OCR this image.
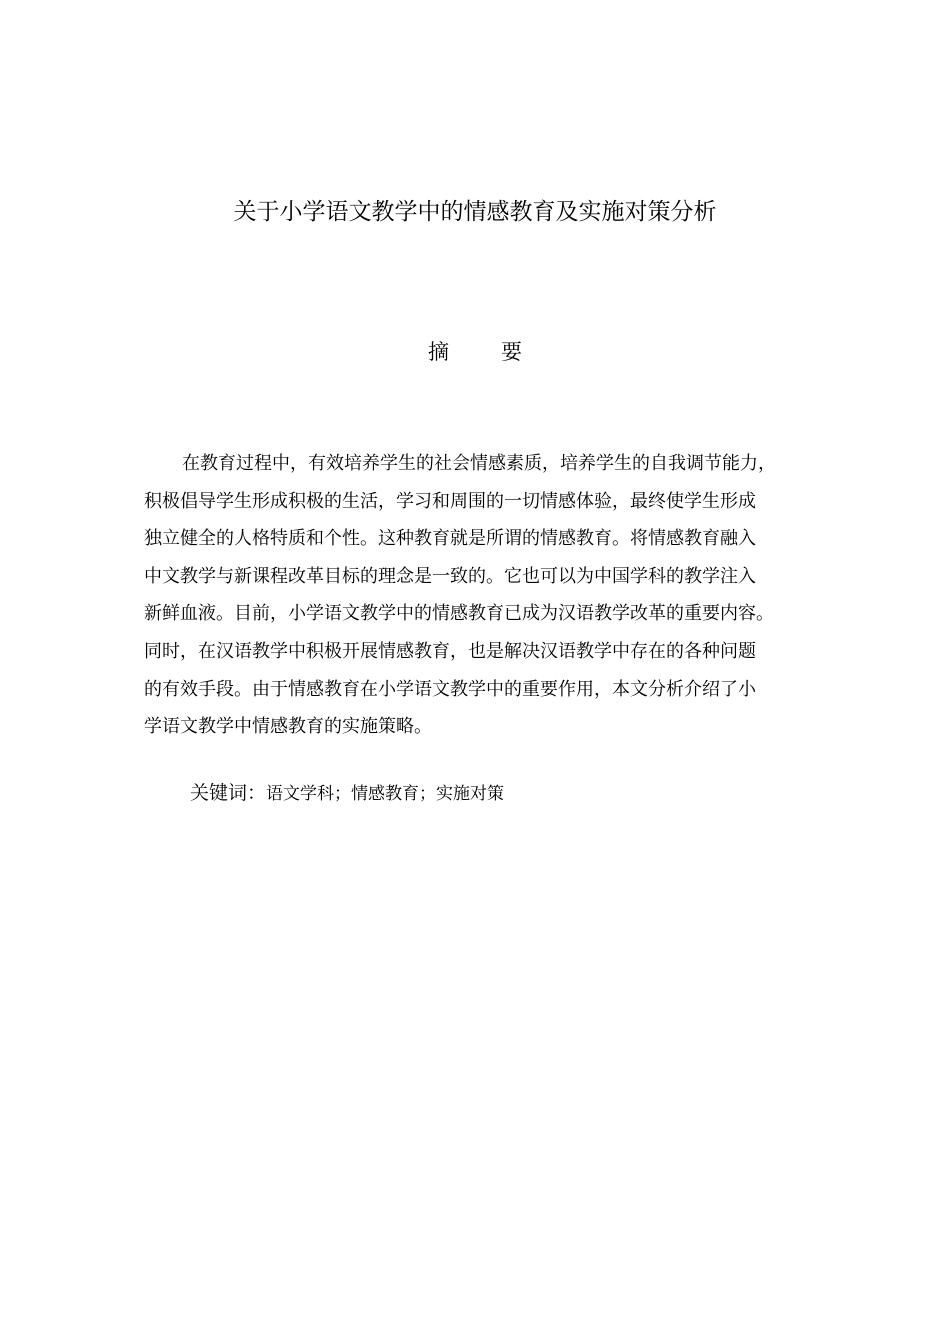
关于小学语文教学中的情感教育及实施对策分析
摘 要
在教育过程中，有效培养学生的社会情感素质，培养学生的自我调节能力，
积极倡导学生形成积极的生活，学习和周围的一切情感体验，最终使学生形成
独立健全的人格特质和个性。这种教育就是所谓的情感教育。将情感教育融入
中文教学与新课程改革目标的理念是一致的。它也可以为中国学科的教学注入
新鲜血液。目前，小学语文教学中的情感教育已成为汉语教学改革的重要内容。
同时，在汉语教学中积极开展情感教育，也是解决汉语教学中存在的各种问题
的有效手段。由于情感教育在小学语文教学中的重要作用，本文分析介绍了小
学语文教学中情感教育的实施策略。
关键词：语文学科；情感教育；实施对策
